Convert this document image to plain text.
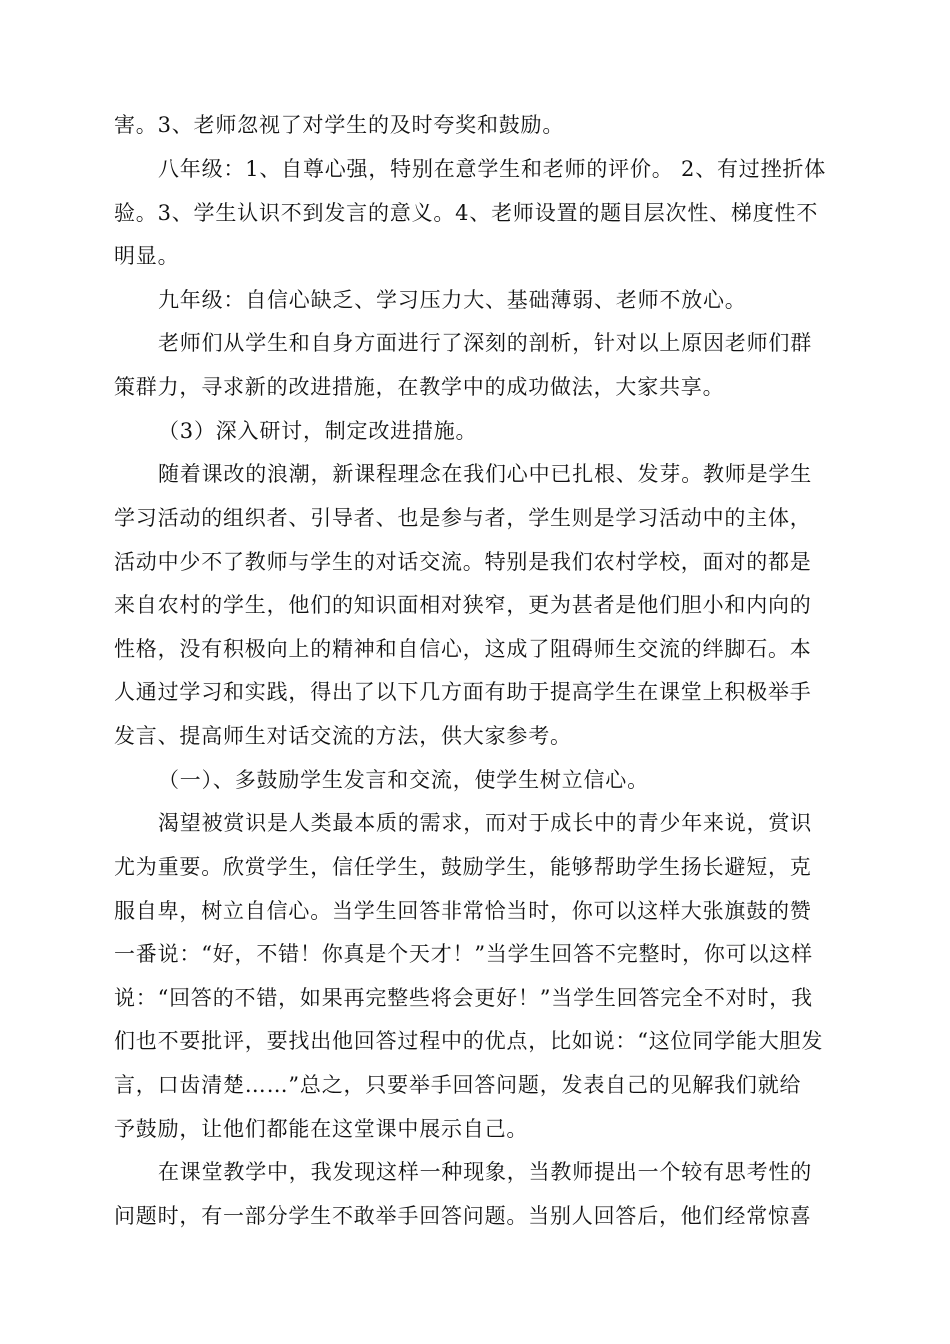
害。3、老师忽视了对学生的及时夸奖和鼓励。
八年级：1、自尊心强，特别在意学生和老师的评价。 2、有过挫折体
验。3、学生认识不到发言的意义。4、老师设置的题目层次性、梯度性不
明显。
九年级：自信心缺乏、学习压力大、基础薄弱、老师不放心。
老师们从学生和自身方面进行了深刻的剖析，针对以上原因老师们群
策群力，寻求新的改进措施，在教学中的成功做法，大家共享。
（3）深入研讨，制定改进措施。
随着课改的浪潮，新课程理念在我们心中已扎根、发芽。教师是学生
学习活动的组织者、引导者、也是参与者，学生则是学习活动中的主体，
活动中少不了教师与学生的对话交流。特别是我们农村学校，面对的都是
来自农村的学生，他们的知识面相对狭窄，更为甚者是他们胆小和内向的
性格，没有积极向上的精神和自信心，这成了阻碍师生交流的绊脚石。本
人通过学习和实践，得出了以下几方面有助于提高学生在课堂上积极举手
发言、提高师生对话交流的方法，供大家参考。
（一）、多鼓励学生发言和交流，使学生树立信心。
渴望被赏识是人类最本质的需求，而对于成长中的青少年来说，赏识
尤为重要。欣赏学生，信任学生，鼓励学生，能够帮助学生扬长避短，克
服自卑，树立自信心。当学生回答非常恰当时，你可以这样大张旗鼓的赞
一番说：“好，不错！你真是个天才！”当学生回答不完整时，你可以这样
说：“回答的不错，如果再完整些将会更好！”当学生回答完全不对时，我
们也不要批评，要找出他回答过程中的优点，比如说：“这位同学能大胆发
言，口齿清楚……”总之，只要举手回答问题，发表自己的见解我们就给
予鼓励，让他们都能在这堂课中展示自己。
在课堂教学中，我发现这样一种现象，当教师提出一个较有思考性的
问题时，有一部分学生不敢举手回答问题。当别人回答后，他们经常惊喜
